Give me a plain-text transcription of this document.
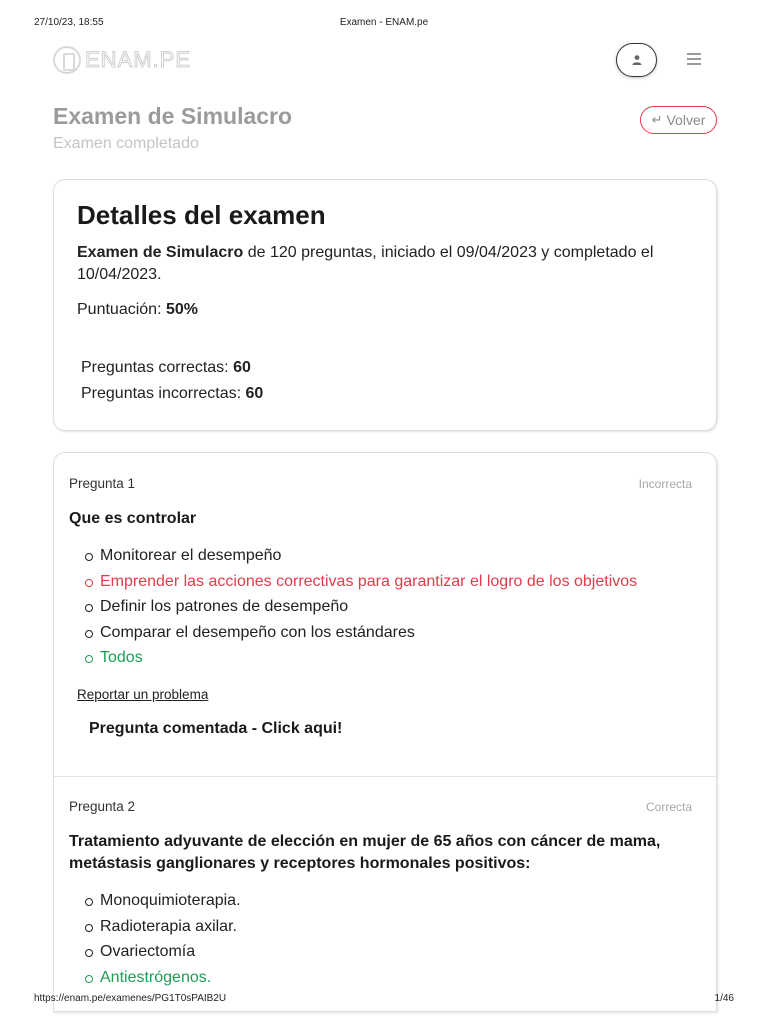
27/10/23, 18:55	Examen - ENAM.pe
ENAM.PE
Examen de Simulacro
Examen completado
↵ Volver
Detalles del examen
Examen de Simulacro de 120 preguntas, iniciado el 09/04/2023 y completado el 10/04/2023.
Puntuación: 50%
Preguntas correctas: 60
Preguntas incorrectas: 60
Pregunta 1	Incorrecta
Que es controlar
Monitorear el desempeño
Emprender las acciones correctivas para garantizar el logro de los objetivos
Definir los patrones de desempeño
Comparar el desempeño con los estándares
Todos
Reportar un problema
Pregunta comentada - Click aqui!
Pregunta 2	Correcta
Tratamiento adyuvante de elección en mujer de 65 años con cáncer de mama, metástasis ganglionares y receptores hormonales positivos:
Monoquimioterapia.
Radioterapia axilar.
Ovariectomía
Antiestrógenos.
https://enam.pe/examenes/PG1T0sPAIB2U	1/46
